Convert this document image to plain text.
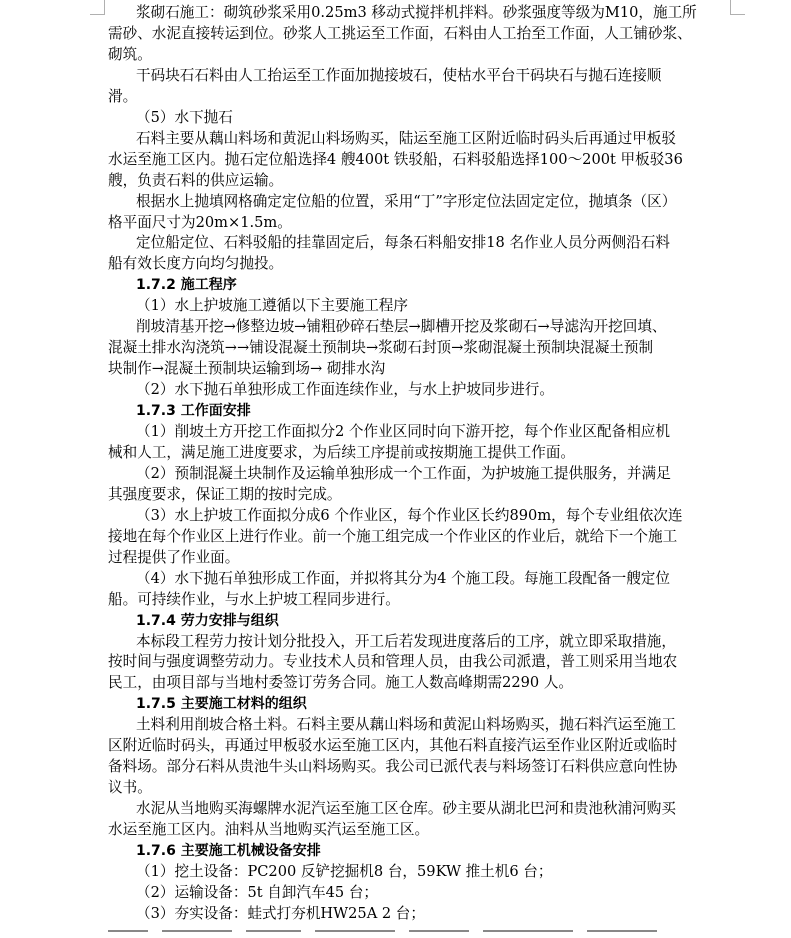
浆砌石施工：砌筑砂浆采用0.25m3 移动式搅拌机拌料。砂浆强度等级为M10，施工所
需砂、水泥直接转运到位。砂浆人工挑运至工作面，石料由人工抬至工作面，人工铺砂浆、
砌筑。
干码块石石料由人工抬运至工作面加抛接坡石，使枯水平台干码块石与抛石连接顺
滑。
（5）水下抛石
石料主要从藕山料场和黄泥山料场购买，陆运至施工区附近临时码头后再通过甲板驳
水运至施工区内。抛石定位船选择4 艘400t 铁驳船，石料驳船选择100～200t 甲板驳36
艘，负责石料的供应运输。
根据水上抛填网格确定定位船的位置，采用“丁”字形定位法固定定位，抛填条（区）
格平面尺寸为20m×1.5m。
定位船定位、石料驳船的挂靠固定后，每条石料船安排18 名作业人员分两侧沿石料
船有效长度方向均匀抛投。
1.7.2 施工程序
（1）水上护坡施工遵循以下主要施工程序
削坡清基开挖→修整边坡→铺粗砂碎石垫层→脚槽开挖及浆砌石→导滤沟开挖回填、
混凝土排水沟浇筑→→铺设混凝土预制块→浆砌石封顶→浆砌混凝土预制块混凝土预制
块制作→混凝土预制块运输到场→ 砌排水沟
（2）水下抛石单独形成工作面连续作业，与水上护坡同步进行。
1.7.3 工作面安排
（1）削坡土方开挖工作面拟分2 个作业区同时向下游开挖，每个作业区配备相应机
械和人工，满足施工进度要求，为后续工序提前或按期施工提供工作面。
（2）预制混凝土块制作及运输单独形成一个工作面，为护坡施工提供服务，并满足
其强度要求，保证工期的按时完成。
（3）水上护坡工作面拟分成6 个作业区，每个作业区长约890m，每个专业组依次连
接地在每个作业区上进行作业。前一个施工组完成一个作业区的作业后，就给下一个施工
过程提供了作业面。
（4）水下抛石单独形成工作面，并拟将其分为4 个施工段。每施工段配备一艘定位
船。可持续作业，与水上护坡工程同步进行。
1.7.4 劳力安排与组织
本标段工程劳力按计划分批投入，开工后若发现进度落后的工序，就立即采取措施，
按时间与强度调整劳动力。专业技术人员和管理人员，由我公司派遣，普工则采用当地农
民工，由项目部与当地村委签订劳务合同。施工人数高峰期需2290 人。
1.7.5 主要施工材料的组织
土料利用削坡合格土料。石料主要从藕山料场和黄泥山料场购买，抛石料汽运至施工
区附近临时码头，再通过甲板驳水运至施工区内，其他石料直接汽运至作业区附近或临时
备料场。部分石料从贵池牛头山料场购买。我公司已派代表与料场签订石料供应意向性协
议书。
水泥从当地购买海螺牌水泥汽运至施工区仓库。砂主要从湖北巴河和贵池秋浦河购买
水运至施工区内。油料从当地购买汽运至施工区。
1.7.6 主要施工机械设备安排
（1）挖土设备：PC200 反铲挖掘机8 台，59KW 推土机6 台；
（2）运输设备：5t 自卸汽车45 台；
（3）夯实设备：蛙式打夯机HW25A 2 台；
